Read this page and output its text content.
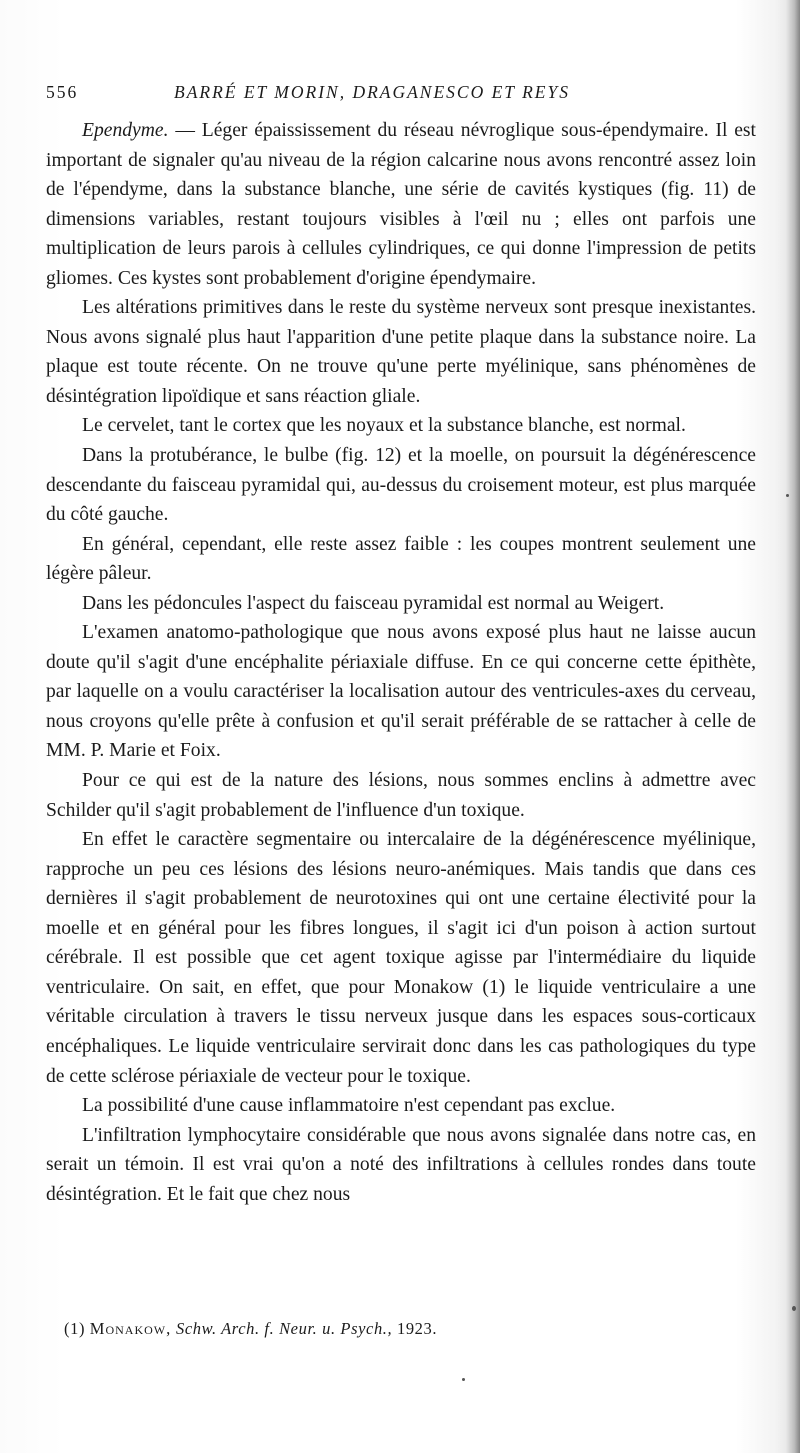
556	BARRÉ ET MORIN, DRAGANESCO ET REYS

Ependyme. — Léger épaississement du réseau névroglique sous-épendymaire. Il est important de signaler qu'au niveau de la région calcarine nous avons rencontré assez loin de l'épendyme, dans la substance blanche, une série de cavités kystiques (fig. 11) de dimensions variables, restant toujours visibles à l'œil nu ; elles ont parfois une multiplication de leurs parois à cellules cylindriques, ce qui donne l'impression de petits gliomes. Ces kystes sont probablement d'origine épendymaire.

Les altérations primitives dans le reste du système nerveux sont presque inexistantes. Nous avons signalé plus haut l'apparition d'une petite plaque dans la substance noire. La plaque est toute récente. On ne trouve qu'une perte myélinique, sans phénomènes de désintégration lipoïdique et sans réaction gliale.

Le cervelet, tant le cortex que les noyaux et la substance blanche, est normal.

Dans la protubérance, le bulbe (fig. 12) et la moelle, on poursuit la dégénérescence descendante du faisceau pyramidal qui, au-dessus du croisement moteur, est plus marquée du côté gauche.

En général, cependant, elle reste assez faible : les coupes montrent seulement une légère pâleur.

Dans les pédoncules l'aspect du faisceau pyramidal est normal au Weigert.

L'examen anatomo-pathologique que nous avons exposé plus haut ne laisse aucun doute qu'il s'agit d'une encéphalite périaxiale diffuse. En ce qui concerne cette épithète, par laquelle on a voulu caractériser la localisation autour des ventricules-axes du cerveau, nous croyons qu'elle prête à confusion et qu'il serait préférable de se rattacher à celle de MM. P. Marie et Foix.

Pour ce qui est de la nature des lésions, nous sommes enclins à admettre avec Schilder qu'il s'agit probablement de l'influence d'un toxique.

En effet le caractère segmentaire ou intercalaire de la dégénérescence myélinique, rapproche un peu ces lésions des lésions neuro-anémiques. Mais tandis que dans ces dernières il s'agit probablement de neurotoxines qui ont une certaine électivité pour la moelle et en général pour les fibres longues, il s'agit ici d'un poison à action surtout cérébrale. Il est possible que cet agent toxique agisse par l'intermédiaire du liquide ventriculaire. On sait, en effet, que pour Monakow (1) le liquide ventriculaire a une véritable circulation à travers le tissu nerveux jusque dans les espaces sous-corticaux encéphaliques. Le liquide ventriculaire servirait donc dans les cas pathologiques du type de cette sclérose périaxiale de vecteur pour le toxique.

La possibilité d'une cause inflammatoire n'est cependant pas exclue.

L'infiltration lymphocytaire considérable que nous avons signalée dans notre cas, en serait un témoin. Il est vrai qu'on a noté des infiltrations à cellules rondes dans toute désintégration. Et le fait que chez nous

(1) Monakow, Schw. Arch. f. Neur. u. Psych., 1923.
